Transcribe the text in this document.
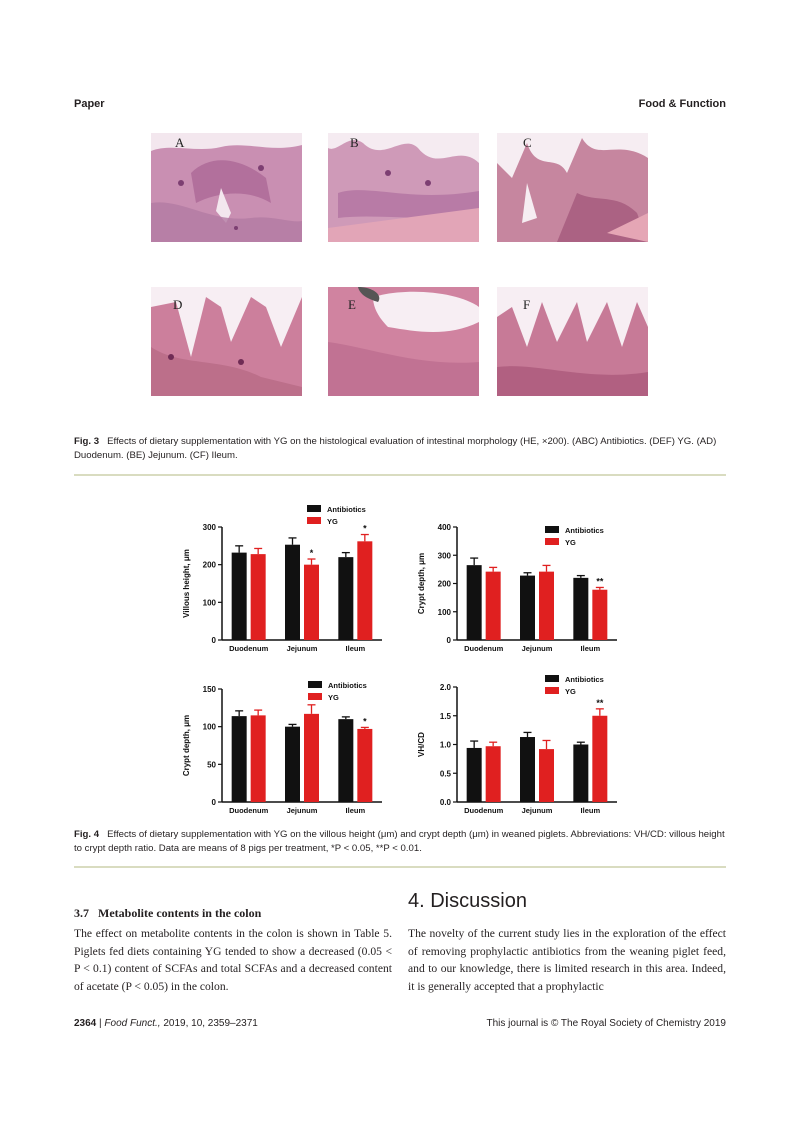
Paper	Food & Function
A	B	C
D	E	F
Fig. 3 Effects of dietary supplementation with YG on the histological evaluation of intestinal morphology (HE, ×200). (ABC) Antibiotics. (DEF) YG. (AD) Duodenum. (BE) Jejunum. (CF) Ileum.
0
100
200
300
Villous height, μm
Duodenum
*
Jejunum
*
Ileum
Antibiotics
YG
0
100
200
300
400
Crypt depth, μm
Duodenum Jejunum
**
Ileum
Antibiotics
YG
0
50
100
150
Crypt depth, μm
Duodenum Jejunum
*
Ileum
Antibiotics
YG
0.0
0.5
1.0
1.5
2.0
VH/CD
Duodenum Jejunum
**
Ileum
Antibiotics
YG
Fig. 4 Effects of dietary supplementation with YG on the villous height (μm) and crypt depth (μm) in weaned piglets. Abbreviations: VH/CD: villous height to crypt depth ratio. Data are means of 8 pigs per treatment, *P < 0.05, **P < 0.01.
3.7 Metabolite contents in the colon
The effect on metabolite contents in the colon is shown in Table 5. Piglets fed diets containing YG tended to show a decreased (0.05 < P < 0.1) content of SCFAs and total SCFAs and a decreased content of acetate (P < 0.05) in the colon.
4. Discussion
The novelty of the current study lies in the exploration of the effect of removing prophylactic antibiotics from the weaning piglet feed, and to our knowledge, there is limited research in this area. Indeed, it is generally accepted that a prophylactic
2364 | Food Funct., 2019, 10, 2359–2371	This journal is © The Royal Society of Chemistry 2019
